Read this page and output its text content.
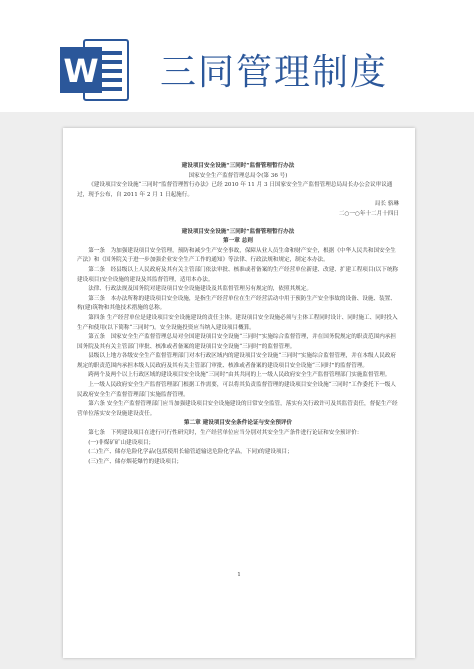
W 三同管理制度

建设项目安全设施“三同时”监督管理暂行办法

国家安全生产监督管理总局令(第 36 号)

《建设项目安全设施“三同时”监督管理暂行办法》已经 2010 年 11 月 3 日国家安全生产监督管理总局局长办公会议审议通过，现予公布，自 2011 年 2 月 1 日起施行。

局长 骆琳

二○一○年十二月十四日

建设项目安全设施“三同时”监督管理暂行办法

第一章 总则

第一条　为加强建设项目安全管理，预防和减少生产安全事故，保障从业人员生命和财产安全，根据《中华人民共和国安全生产法》和《国务院关于进一步加强企业安全生产工作的通知》等法律、行政法规和规定，制定本办法。

第二条　经县级以上人民政府及其有关主管部门依法审批、核准或者备案的生产经营单位新建、改建、扩建工程项目(以下统称建设项目)安全设施的建设及其监督管理，适用本办法。

法律、行政法规及国务院对建设项目安全设施建设及其监督管理另有规定的，依照其规定。

第三条　本办法所称的建设项目安全设施，是指生产经营单位在生产经营活动中用于预防生产安全事故的设备、设施、装置、构(建)筑物和其他技术措施的总称。

第四条 生产经营单位是建设项目安全设施建设的责任主体。建设项目安全设施必须与主体工程同时设计、同时施工、同时投入生产和使用(以下简称“三同时”)。安全设施投资应当纳入建设项目概算。

第五条　国家安全生产监督管理总局对全国建设项目安全设施“三同时”实施综合监督管理，并在国务院规定的职责范围内承担国务院及其有关主管部门审批、核准或者备案的建设项目安全设施“三同时”的监督管理。

县级以上地方各级安全生产监督管理部门对本行政区域内的建设项目安全设施“三同时”实施综合监督管理，并在本级人民政府规定的职责范围内承担本级人民政府及其有关主管部门审批、核准或者备案的建设项目安全设施“三同时”的监督管理。

跨两个及两个以上行政区域的建设项目安全设施“三同时”由其共同的上一级人民政府安全生产监督管理部门实施监督管理。

上一级人民政府安全生产监督管理部门根据工作需要，可以将其负责监督管理的建设项目安全设施“三同时”工作委托下一级人民政府安全生产监督管理部门实施监督管理。

第六条 安全生产监督管理部门应当加强建设项目安全设施建设的日常安全监管，落实有关行政许可及其监管责任，督促生产经营单位落实安全设施建设责任。

第二章 建设项目安全条件论证与安全预评价

第七条　下列建设项目在进行可行性研究时，生产经营单位应当分别对其安全生产条件进行论证和安全预评价：

(一)非煤矿矿山建设项目；

(二)生产、储存危险化学品(包括使用长输管道输送危险化学品，下同)的建设项目；

(三)生产、储存烟花爆竹的建设项目；

1
